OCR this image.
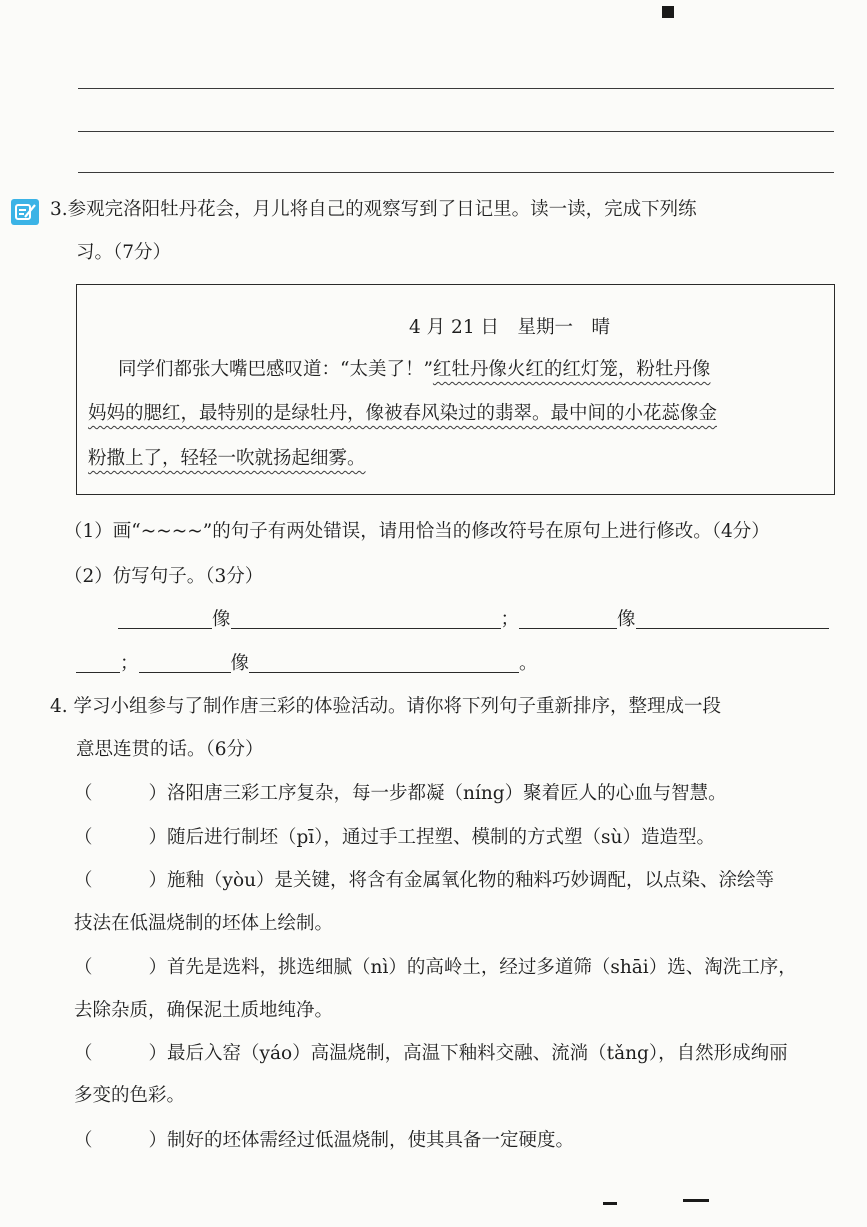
3.参观完洛阳牡丹花会，月儿将自己的观察写到了日记里。读一读，完成下列练
习。（7分）
4 月 21 日　星期一　晴
同学们都张大嘴巴感叹道：“太美了！”红牡丹像火红的红灯笼，粉牡丹像
妈妈的腮红，最特别的是绿牡丹，像被春风染过的翡翠。最中间的小花蕊像金
粉撒上了，轻轻一吹就扬起细雾。
（1）画“~~~~”的句子有两处错误，请用恰当的修改符号在原句上进行修改。（4分）
（2）仿写句子。（3分）
像	；	像
；	像	。
4. 学习小组参与了制作唐三彩的体验活动。请你将下列句子重新排序，整理成一段
意思连贯的话。（6分）
（	）洛阳唐三彩工序复杂，每一步都凝（níng）聚着匠人的心血与智慧。
（	）随后进行制坯（pī），通过手工捏塑、模制的方式塑（sù）造造型。
（	）施釉（yòu）是关键，将含有金属氧化物的釉料巧妙调配，以点染、涂绘等
技法在低温烧制的坯体上绘制。
（	）首先是选料，挑选细腻（nì）的高岭土，经过多道筛（shāi）选、淘洗工序，
去除杂质，确保泥土质地纯净。
（	）最后入窑（yáo）高温烧制，高温下釉料交融、流淌（tǎng），自然形成绚丽
多变的色彩。
（	）制好的坯体需经过低温烧制，使其具备一定硬度。
